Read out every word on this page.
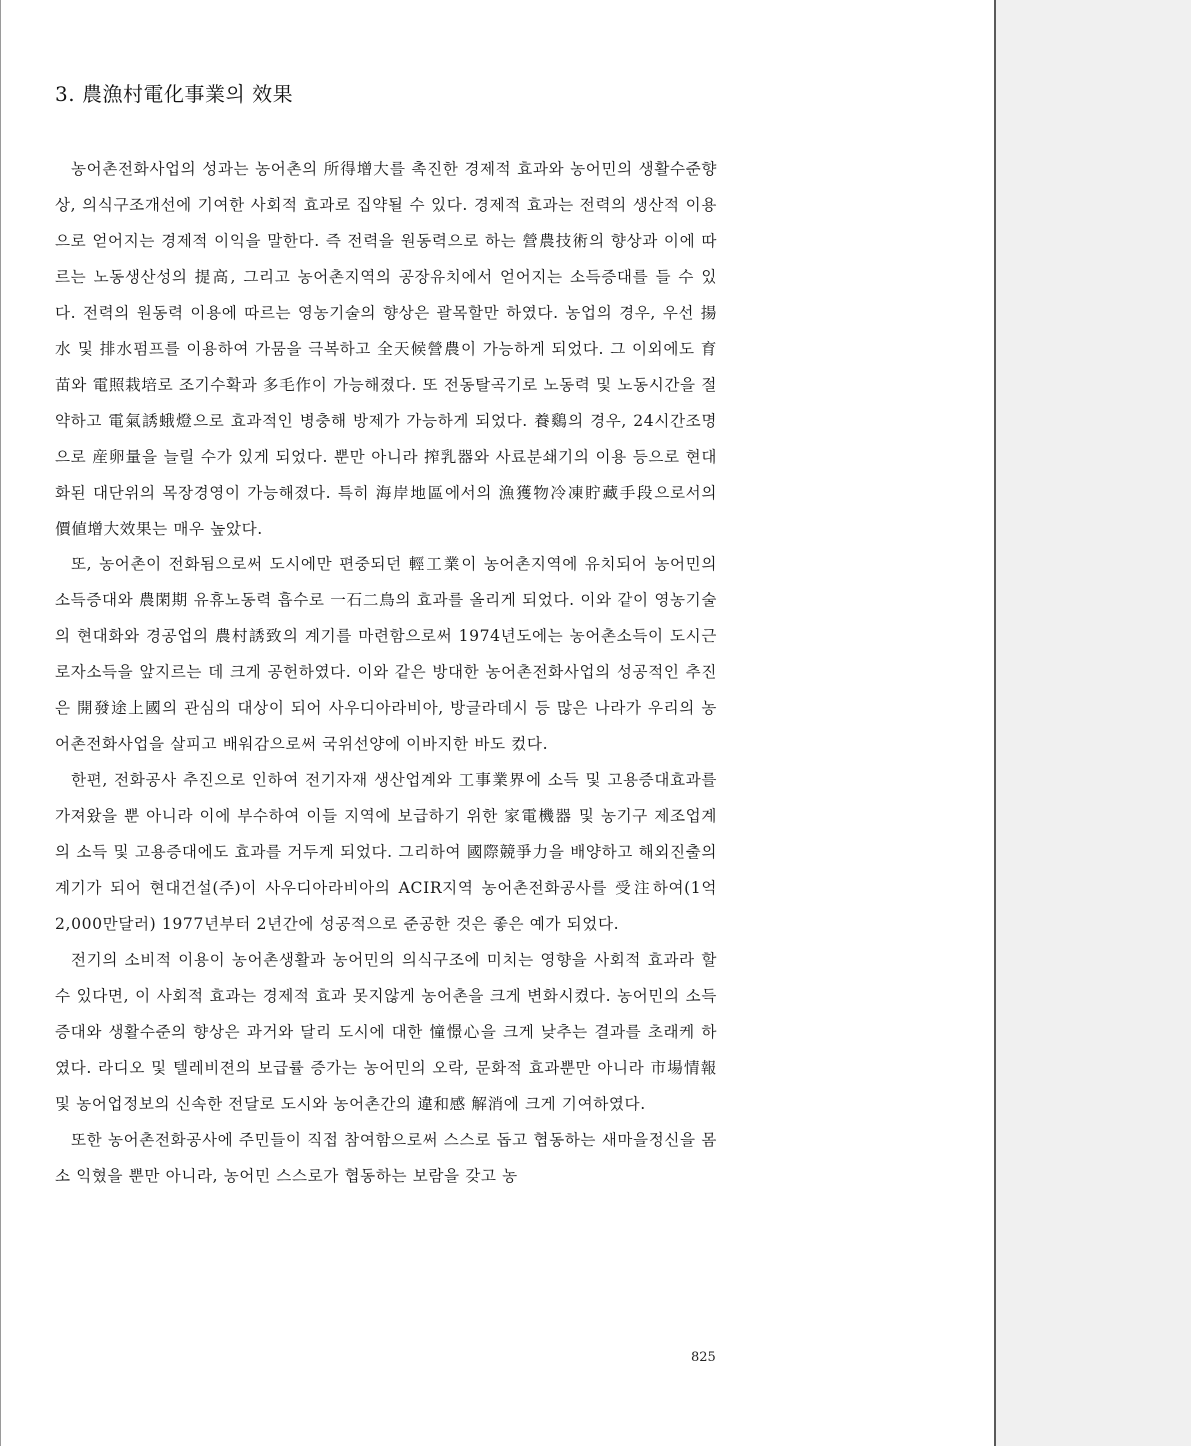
3. 農漁村電化事業의 效果

농어촌전화사업의 성과는 농어촌의 所得增大를 촉진한 경제적 효과와 농어민의 생활수준향상, 의식구조개선에 기여한 사회적 효과로 집약될 수 있다. 경제적 효과는 전력의 생산적 이용으로 얻어지는 경제적 이익을 말한다. 즉 전력을 원동력으로 하는 營農技術의 향상과 이에 따르는 노동생산성의 提高, 그리고 농어촌지역의 공장유치에서 얻어지는 소득증대를 들 수 있다. 전력의 원동력 이용에 따르는 영농기술의 향상은 괄목할만 하였다. 농업의 경우, 우선 揚水 및 排水펌프를 이용하여 가뭄을 극복하고 全天候營農이 가능하게 되었다. 그 이외에도 育苗와 電照栽培로 조기수확과 多毛作이 가능해졌다. 또 전동탈곡기로 노동력 및 노동시간을 절약하고 電氣誘蛾燈으로 효과적인 병충해 방제가 가능하게 되었다. 養鷄의 경우, 24시간조명으로 産卵量을 늘릴 수가 있게 되었다. 뿐만 아니라 搾乳器와 사료분쇄기의 이용 등으로 현대화된 대단위의 목장경영이 가능해졌다. 특히 海岸地區에서의 漁獲物冷凍貯藏手段으로서의 價値增大效果는 매우 높았다.

또, 농어촌이 전화됨으로써 도시에만 편중되던 輕工業이 농어촌지역에 유치되어 농어민의 소득증대와 農閑期 유휴노동력 흡수로 一石二鳥의 효과를 올리게 되었다. 이와 같이 영농기술의 현대화와 경공업의 農村誘致의 계기를 마련함으로써 1974년도에는 농어촌소득이 도시근로자소득을 앞지르는 데 크게 공헌하였다. 이와 같은 방대한 농어촌전화사업의 성공적인 추진은 開發途上國의 관심의 대상이 되어 사우디아라비아, 방글라데시 등 많은 나라가 우리의 농어촌전화사업을 살피고 배워감으로써 국위선양에 이바지한 바도 컸다.

한편, 전화공사 추진으로 인하여 전기자재 생산업계와 工事業界에 소득 및 고용증대효과를 가져왔을 뿐 아니라 이에 부수하여 이들 지역에 보급하기 위한 家電機器 및 농기구 제조업계의 소득 및 고용증대에도 효과를 거두게 되었다. 그리하여 國際競爭力을 배양하고 해외진출의 계기가 되어 현대건설(주)이 사우디아라비아의 ACIR지역 농어촌전화공사를 受注하여(1억2,000만달러) 1977년부터 2년간에 성공적으로 준공한 것은 좋은 예가 되었다.

전기의 소비적 이용이 농어촌생활과 농어민의 의식구조에 미치는 영향을 사회적 효과라 할 수 있다면, 이 사회적 효과는 경제적 효과 못지않게 농어촌을 크게 변화시켰다. 농어민의 소득증대와 생활수준의 향상은 과거와 달리 도시에 대한 憧憬心을 크게 낮추는 결과를 초래케 하였다. 라디오 및 텔레비젼의 보급률 증가는 농어민의 오락, 문화적 효과뿐만 아니라 市場情報 및 농어업정보의 신속한 전달로 도시와 농어촌간의 違和感 解消에 크게 기여하였다.

또한 농어촌전화공사에 주민들이 직접 참여함으로써 스스로 돕고 협동하는 새마을정신을 몸소 익혔을 뿐만 아니라, 농어민 스스로가 협동하는 보람을 갖고 농

825
